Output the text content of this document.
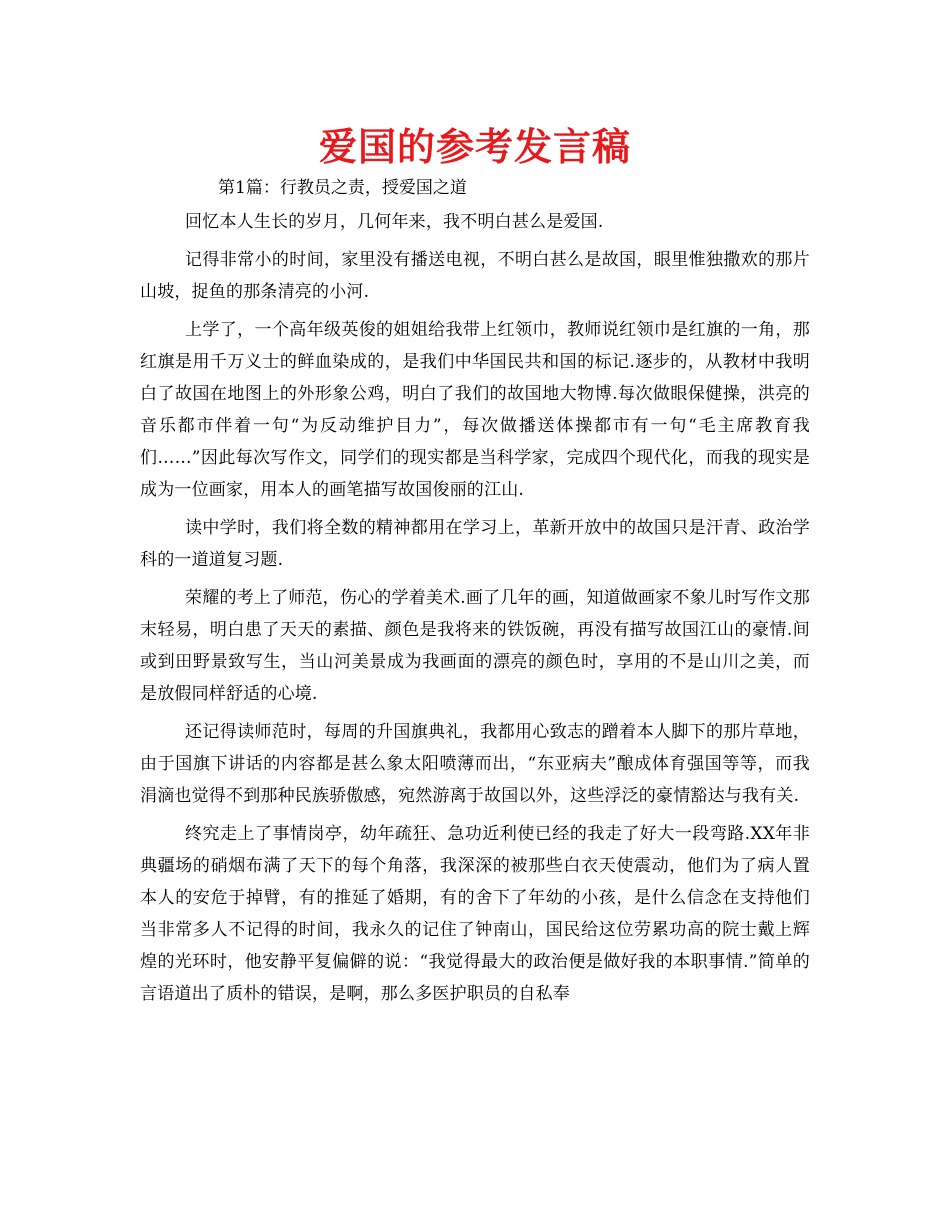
爱国的参考发言稿
第1篇：行教员之责，授爱国之道

回忆本人生长的岁月，几何年来，我不明白甚么是爱国.

记得非常小的时间，家里没有播送电视，不明白甚么是故国，眼里惟独撒欢的那片山坡，捉鱼的那条清亮的小河.

上学了，一个高年级英俊的姐姐给我带上红领巾，教师说红领巾是红旗的一角，那红旗是用千万义士的鲜血染成的，是我们中华国民共和国的标记.逐步的，从教材中我明白了故国在地图上的外形象公鸡，明白了我们的故国地大物博.每次做眼保健操，洪亮的音乐都市伴着一句“为反动维护目力”，每次做播送体操都市有一句“毛主席教育我们……”因此每次写作文，同学们的现实都是当科学家，完成四个现代化，而我的现实是成为一位画家，用本人的画笔描写故国俊丽的江山.

读中学时，我们将全数的精神都用在学习上，革新开放中的故国只是汗青、政治学科的一道道复习题.

荣耀的考上了师范，伤心的学着美术.画了几年的画，知道做画家不象儿时写作文那末轻易，明白患了天天的素描、颜色是我将来的铁饭碗，再没有描写故国江山的豪情.间或到田野景致写生，当山河美景成为我画面的漂亮的颜色时，享用的不是山川之美，而是放假同样舒适的心境.

还记得读师范时，每周的升国旗典礼，我都用心致志的蹭着本人脚下的那片草地，由于国旗下讲话的内容都是甚么象太阳喷薄而出，“东亚病夫”酿成体育强国等等，而我涓滴也觉得不到那种民族骄傲感，宛然游离于故国以外，这些浮泛的豪情豁达与我有关.

终究走上了事情岗亭，幼年疏狂、急功近利使已经的我走了好大一段弯路.XX年非典疆场的硝烟布满了天下的每个角落，我深深的被那些白衣天使震动，他们为了病人置本人的安危于掉臂，有的推延了婚期，有的舍下了年幼的小孩，是什么信念在支持他们当非常多人不记得的时间，我永久的记住了钟南山，国民给这位劳累功高的院士戴上辉煌的光环时，他安静平复偏僻的说：“我觉得最大的政治便是做好我的本职事情.”简单的言语道出了质朴的错误，是啊，那么多医护职员的自私奉
